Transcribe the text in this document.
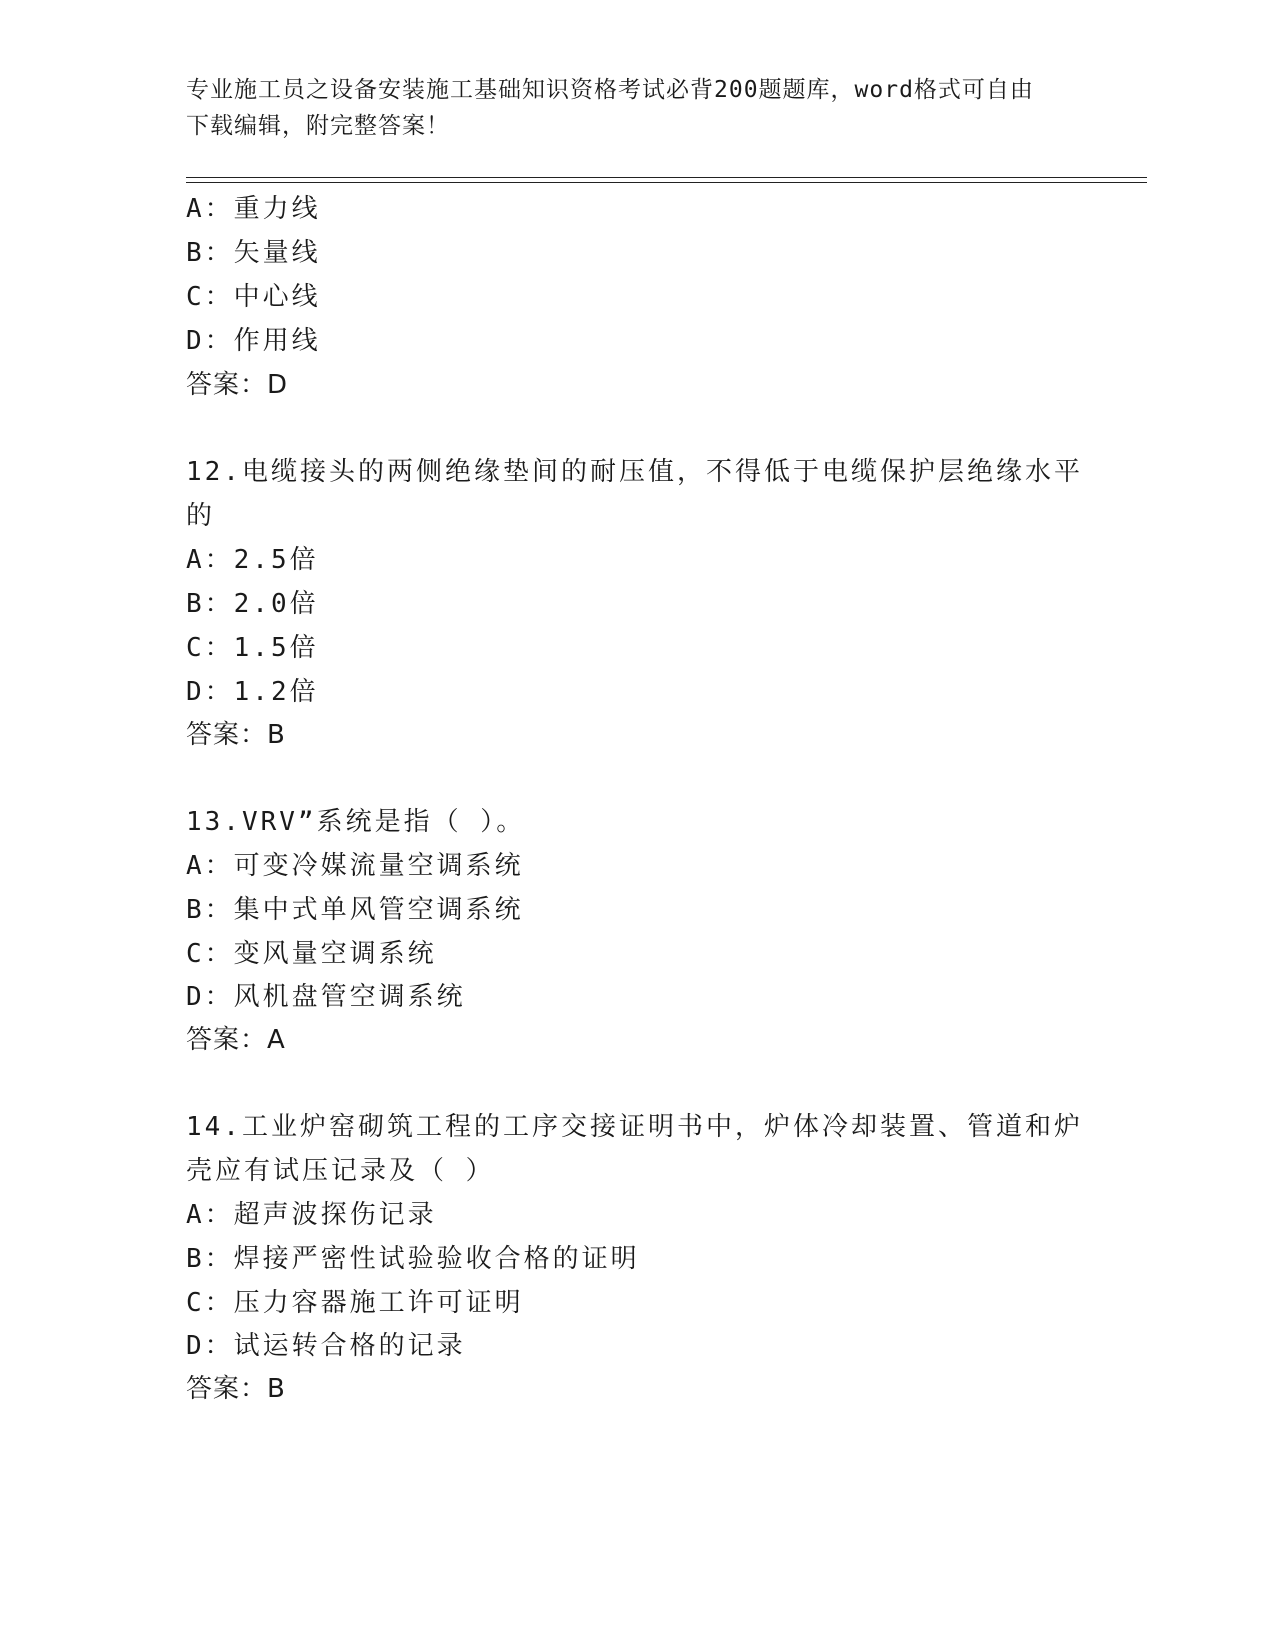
专业施工员之设备安装施工基础知识资格考试必背200题题库，word格式可自由
下载编辑，附完整答案！
A：重力线
B：矢量线
C：中心线
D：作用线
答案：D
12.电缆接头的两侧绝缘垫间的耐压值，不得低于电缆保护层绝缘水平
的
A：2.5倍
B：2.0倍
C：1.5倍
D：1.2倍
答案：B
13.VRV”系统是指（ ）。
A：可变冷媒流量空调系统
B：集中式单风管空调系统
C：变风量空调系统
D：风机盘管空调系统
答案：A
14.工业炉窑砌筑工程的工序交接证明书中，炉体冷却装置、管道和炉
壳应有试压记录及（ ）
A：超声波探伤记录
B：焊接严密性试验验收合格的证明
C：压力容器施工许可证明
D：试运转合格的记录
答案：B
